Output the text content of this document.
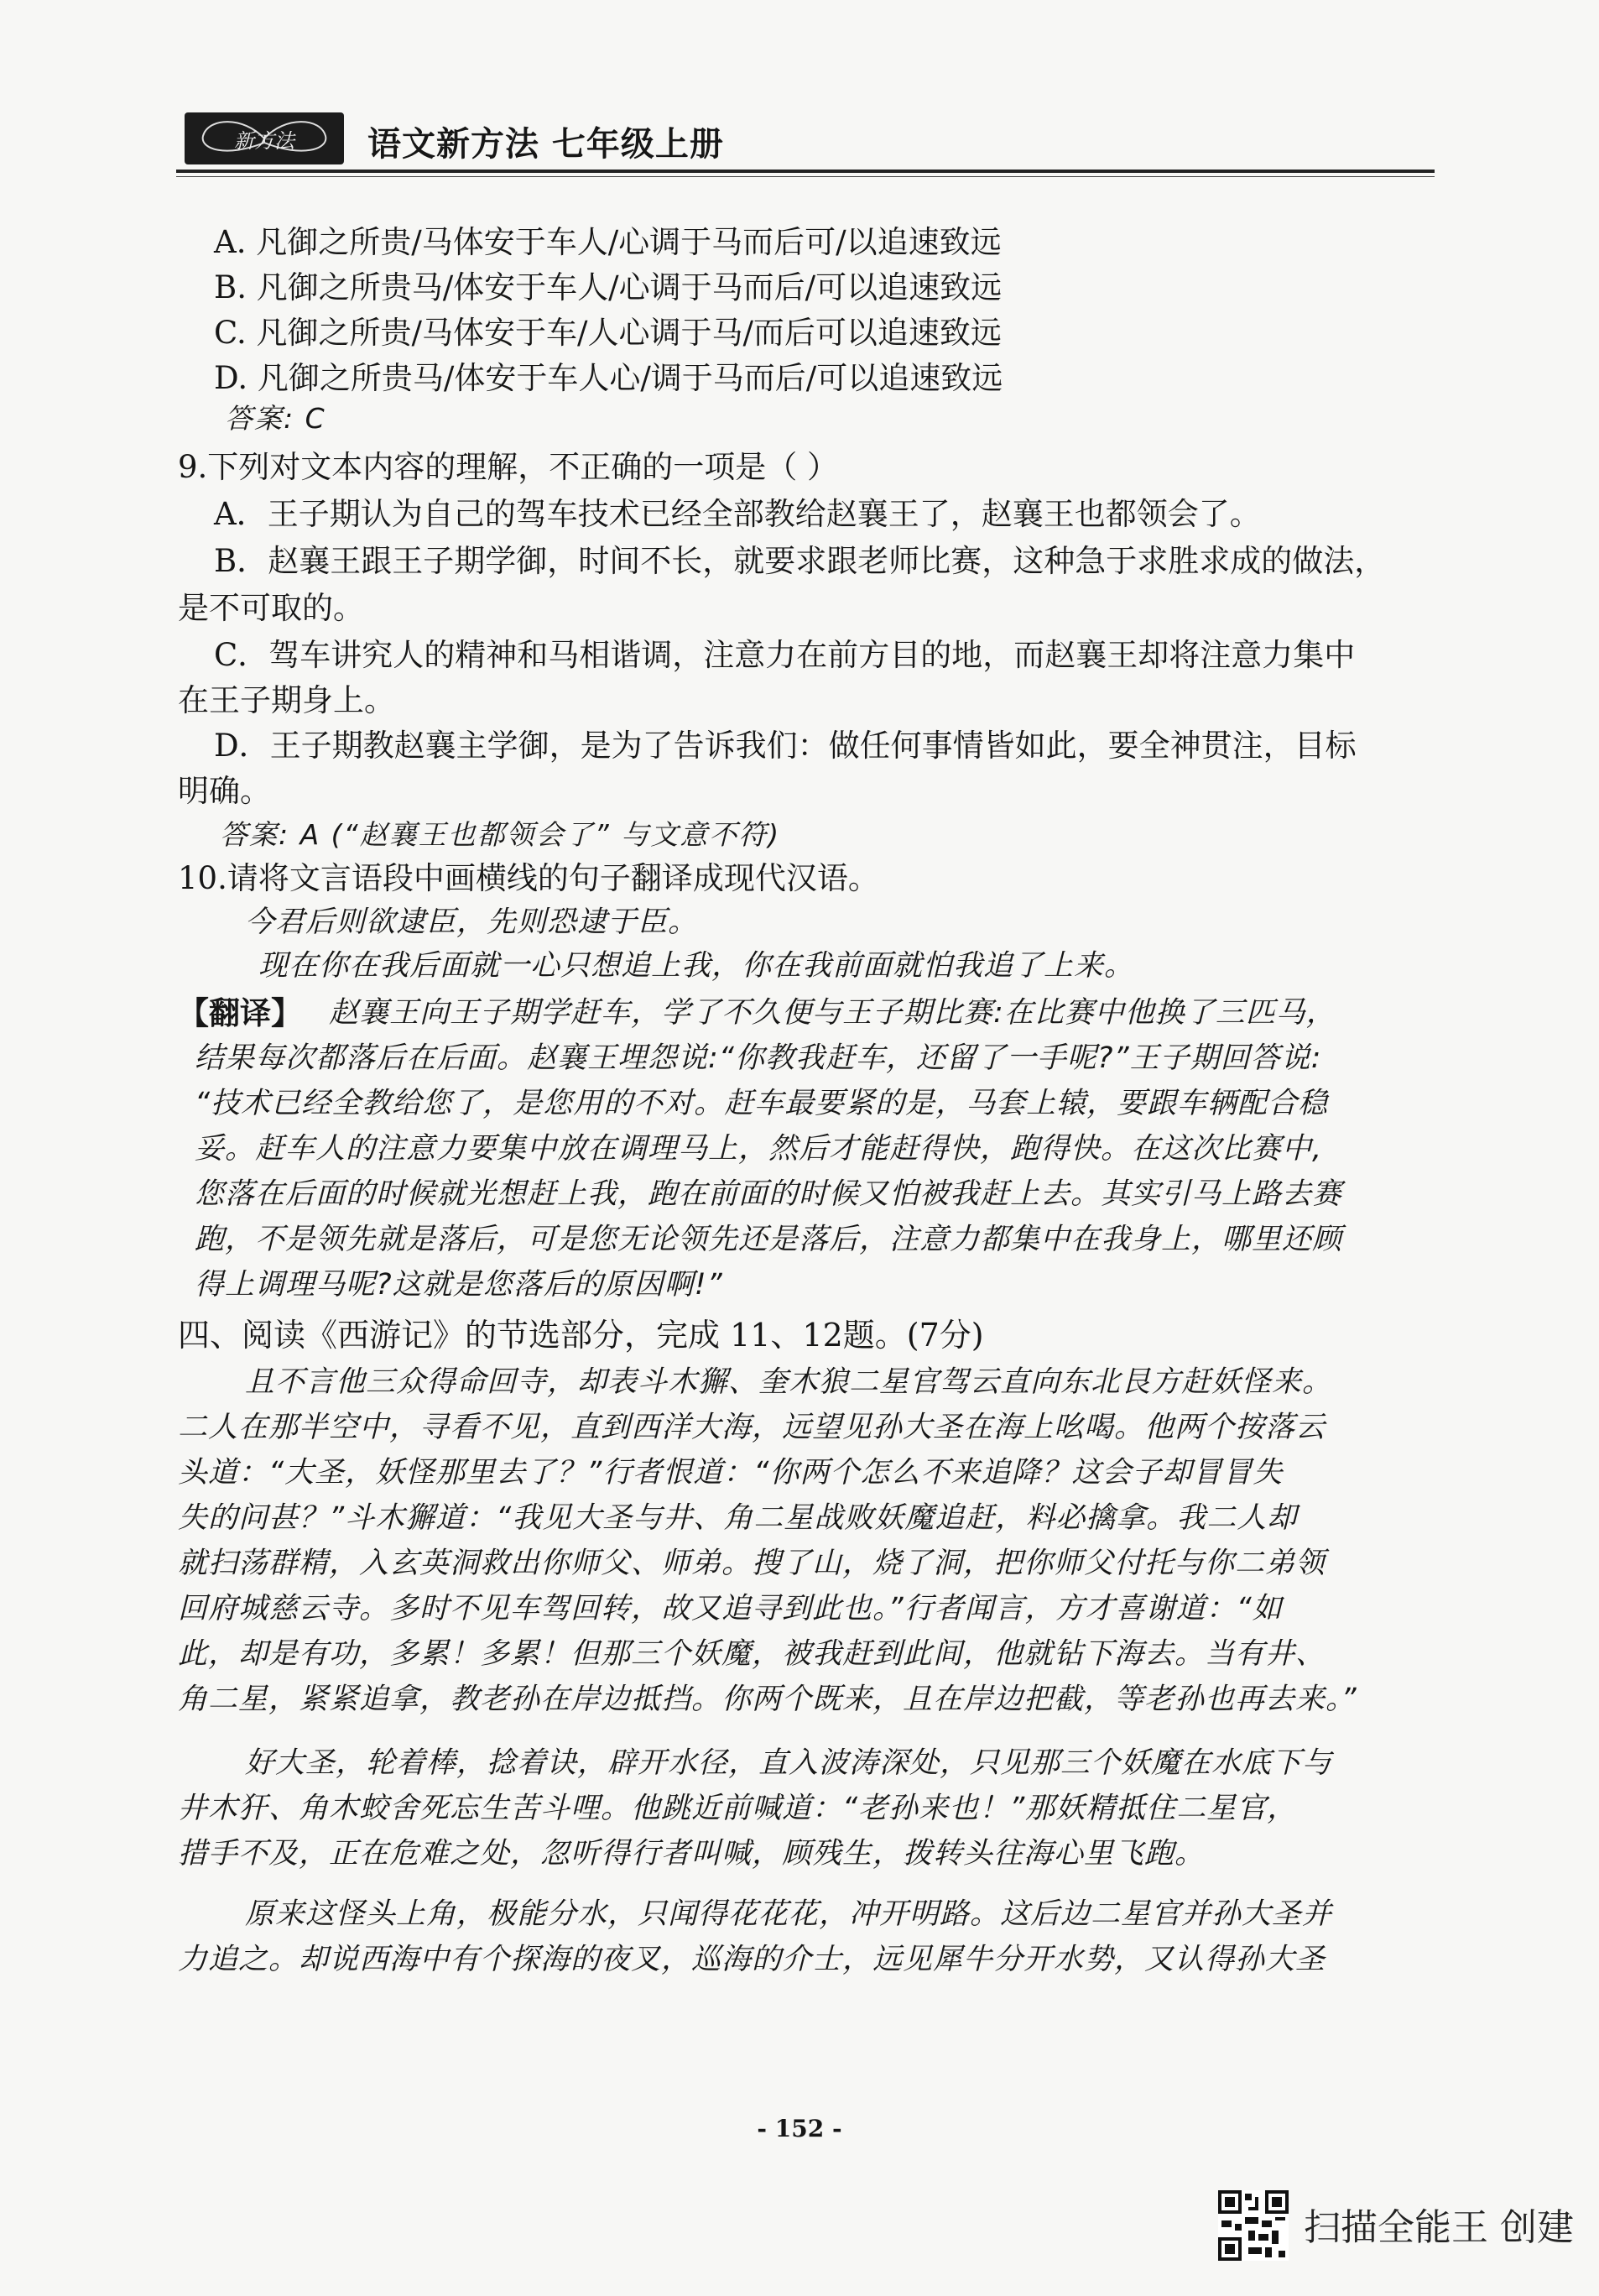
新方法 语文新方法 七年级上册
A. 凡御之所贵/马体安于车人/心调于马而后可/以追速致远
B. 凡御之所贵马/体安于车人/心调于马而后/可以追速致远
C. 凡御之所贵/马体安于车/人心调于马/而后可以追速致远
D. 凡御之所贵马/体安于车人心/调于马而后/可以追速致远
答案: C
9.下列对文本内容的理解，不正确的一项是（ ）
A．王子期认为自己的驾车技术已经全部教给赵襄王了，赵襄王也都领会了。
B．赵襄王跟王子期学御，时间不长，就要求跟老师比赛，这种急于求胜求成的做法，
是不可取的。
C．驾车讲究人的精神和马相谐调，注意力在前方目的地，而赵襄王却将注意力集中
在王子期身上。
D．王子期教赵襄主学御，是为了告诉我们：做任何事情皆如此，要全神贯注，目标
明确。
答案: A (“赵襄王也都领会了” 与文意不符)
10.请将文言语段中画横线的句子翻译成现代汉语。
今君后则欲逮臣，先则恐逮于臣。
现在你在我后面就一心只想追上我，你在我前面就怕我追了上来。
【翻译】 赵襄王向王子期学赶车，学了不久便与王子期比赛:在比赛中他换了三匹马，
结果每次都落后在后面。赵襄王埋怨说:“你教我赶车，还留了一手呢?”王子期回答说:
“技术已经全教给您了，是您用的不对。赶车最要紧的是，马套上辕，要跟车辆配合稳
妥。赶车人的注意力要集中放在调理马上，然后才能赶得快，跑得快。在这次比赛中,
您落在后面的时候就光想赶上我，跑在前面的时候又怕被我赶上去。其实引马上路去赛
跑，不是领先就是落后，可是您无论领先还是落后，注意力都集中在我身上，哪里还顾
得上调理马呢?这就是您落后的原因啊!”
四、阅读《西游记》的节选部分，完成 11、12题。(7分)
且不言他三众得命回寺，却表斗木獬、奎木狼二星官驾云直向东北艮方赶妖怪来。
二人在那半空中，寻看不见，直到西洋大海，远望见孙大圣在海上吆喝。他两个按落云
头道：“大圣，妖怪那里去了？”行者恨道：“你两个怎么不来追降？这会子却冒冒失
失的问甚？”斗木獬道：“我见大圣与井、角二星战败妖魔追赶，料必擒拿。我二人却
就扫荡群精，入玄英洞救出你师父、师弟。搜了山，烧了洞，把你师父付托与你二弟领
回府城慈云寺。多时不见车驾回转，故又追寻到此也。”行者闻言，方才喜谢道：“如
此，却是有功，多累！多累！但那三个妖魔，被我赶到此间，他就钻下海去。当有井、
角二星，紧紧追拿，教老孙在岸边抵挡。你两个既来，且在岸边把截，等老孙也再去来。”
好大圣，轮着棒，捻着诀，辟开水径，直入波涛深处，只见那三个妖魔在水底下与
井木犴、角木蛟舍死忘生苦斗哩。他跳近前喊道：“老孙来也！”那妖精抵住二星官，
措手不及，正在危难之处，忽听得行者叫喊，顾残生，拨转头往海心里飞跑。
原来这怪头上角，极能分水，只闻得花花花，冲开明路。这后边二星官并孙大圣并
力追之。却说西海中有个探海的夜叉，巡海的介士，远见犀牛分开水势，又认得孙大圣
- 152 -
扫描全能王 创建
